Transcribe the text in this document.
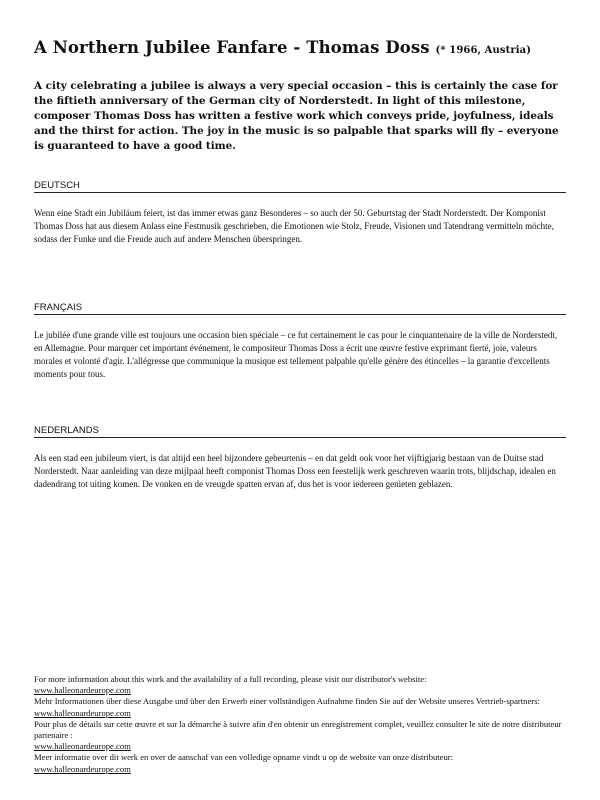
A Northern Jubilee Fanfare - Thomas Doss (* 1966, Austria)
A city celebrating a jubilee is always a very special occasion – this is certainly the case for the fiftieth anniversary of the German city of Norderstedt. In light of this milestone, composer Thomas Doss has written a festive work which conveys pride, joyfulness, ideals and the thirst for action. The joy in the music is so palpable that sparks will fly – everyone is guaranteed to have a good time.
DEUTSCH
Wenn eine Stadt ein Jubiläum feiert, ist das immer etwas ganz Besonderes – so auch der 50. Geburtstag der Stadt Norderstedt. Der Komponist Thomas Doss hat aus diesem Anlass eine Festmusik geschrieben, die Emotionen wie Stolz, Freude, Visionen und Tatendrang vermitteln möchte, sodass der Funke und die Freude auch auf andere Menschen überspringen.
FRANÇAIS
Le jubilée d'une grande ville est toujours une occasion bien spéciale – ce fut certainement le cas pour le cinquantenaire de la ville de Norderstedt, en Allemagne. Pour marquer cet important événement, le compositeur Thomas Doss a écrit une œuvre festive exprimant fierté, joie, valeurs morales et volonté d'agir. L'allégresse que communique la musique est tellement palpable qu'elle génère des étincelles – la garantie d'excellents moments pour tous.
NEDERLANDS
Als een stad een jubileum viert, is dat altijd een heel bijzondere gebeurtenis – en dat geldt ook voor het vijftigjarig bestaan van de Duitse stad Norderstedt. Naar aanleiding van deze mijlpaal heeft componist Thomas Doss een feestelijk werk geschreven waarin trots, blijdschap, idealen en dadendrang tot uiting komen. De vonken en de vreugde spatten ervan af, dus het is voor iedereen genieten geblazen.

For more information about this work and the availability of a full recording, please visit our distributor's website:

www.halleonardeurope.com

Mehr Informationen über diese Ausgabe und über den Erwerb einer vollständigen Aufnahme finden Sie auf der Website unseres Vertrieb-spartners:

www.halleonardeurope.com

Pour plus de détails sur cette œuvre et sur la démarche à suivre afin d'en obtenir un enregistrement complet, veuillez consulter le site de notre distributeur partenaire :

www.halleonardeurope.com

Meer informatie over dit werk en over de aanschaf van een volledige opname vindt u op de website van onze distributeur:

www.halleonardeurope.com
